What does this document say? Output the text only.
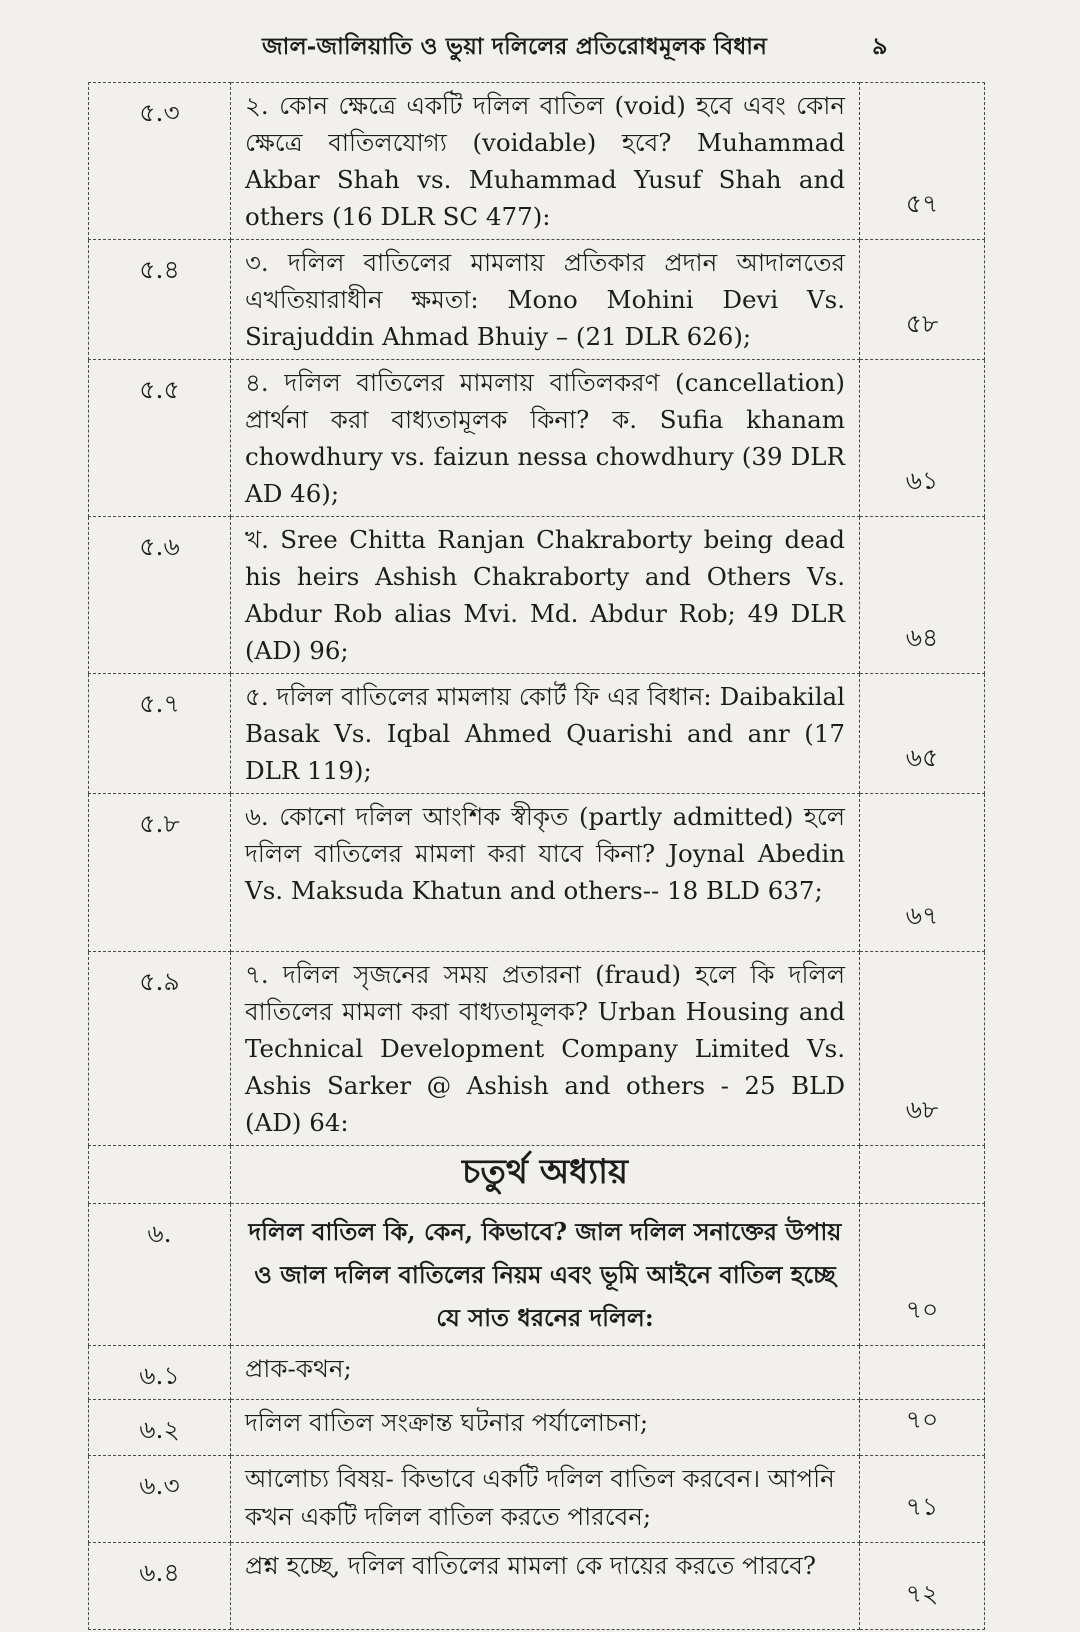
জাল-জালিয়াতি ও ভুয়া দলিলের প্রতিরোধমূলক বিধান	৯
৫.৩	২. কোন ক্ষেত্রে একটি দলিল বাতিল (void) হবে এবং কোন ক্ষেত্রে বাতিলযোগ্য (voidable) হবে? Muhammad Akbar Shah vs. Muhammad Yusuf Shah and others (16 DLR SC 477):	৫৭
৫.৪	৩. দলিল বাতিলের মামলায় প্রতিকার প্রদান আদালতের এখতিয়ারাধীন ক্ষমতা: Mono Mohini Devi Vs. Sirajuddin Ahmad Bhuiy – (21 DLR 626);	৫৮
৫.৫	৪. দলিল বাতিলের মামলায় বাতিলকরণ (cancellation) প্রার্থনা করা বাধ্যতামূলক কিনা? ক. Sufia khanam chowdhury vs. faizun nessa chowdhury (39 DLR AD 46);	৬১
৫.৬	খ. Sree Chitta Ranjan Chakraborty being dead his heirs Ashish Chakraborty and Others Vs. Abdur Rob alias Mvi. Md. Abdur Rob; 49 DLR (AD) 96;	৬৪
৫.৭	৫. দলিল বাতিলের মামলায় কোর্ট ফি এর বিধান: Daibakilal Basak Vs. Iqbal Ahmed Quarishi and anr (17 DLR 119);	৬৫
৫.৮	৬. কোনো দলিল আংশিক স্বীকৃত (partly admitted) হলে দলিল বাতিলের মামলা করা যাবে কিনা? Joynal Abedin Vs. Maksuda Khatun and others-- 18 BLD 637;	৬৭
৫.৯	৭. দলিল সৃজনের সময় প্রতারনা (fraud) হলে কি দলিল বাতিলের মামলা করা বাধ্যতামূলক? Urban Housing and Technical Development Company Limited Vs. Ashis Sarker @ Ashish and others - 25 BLD (AD) 64:	৬৮
	চতুর্থ অধ্যায়	
৬.	দলিল বাতিল কি, কেন, কিভাবে? জাল দলিল সনাক্তের উপায় ও জাল দলিল বাতিলের নিয়ম এবং ভূমি আইনে বাতিল হচ্ছে যে সাত ধরনের দলিল:	৭০
৬.১	প্রাক-কথন;	
৬.২	দলিল বাতিল সংক্রান্ত ঘটনার পর্যালোচনা;	৭০
৬.৩	আলোচ্য বিষয়- কিভাবে একটি দলিল বাতিল করবেন। আপনি কখন একটি দলিল বাতিল করতে পারবেন;	৭১
৬.৪	প্রশ্ন হচ্ছে, দলিল বাতিলের মামলা কে দায়ের করতে পারবে?	৭২
